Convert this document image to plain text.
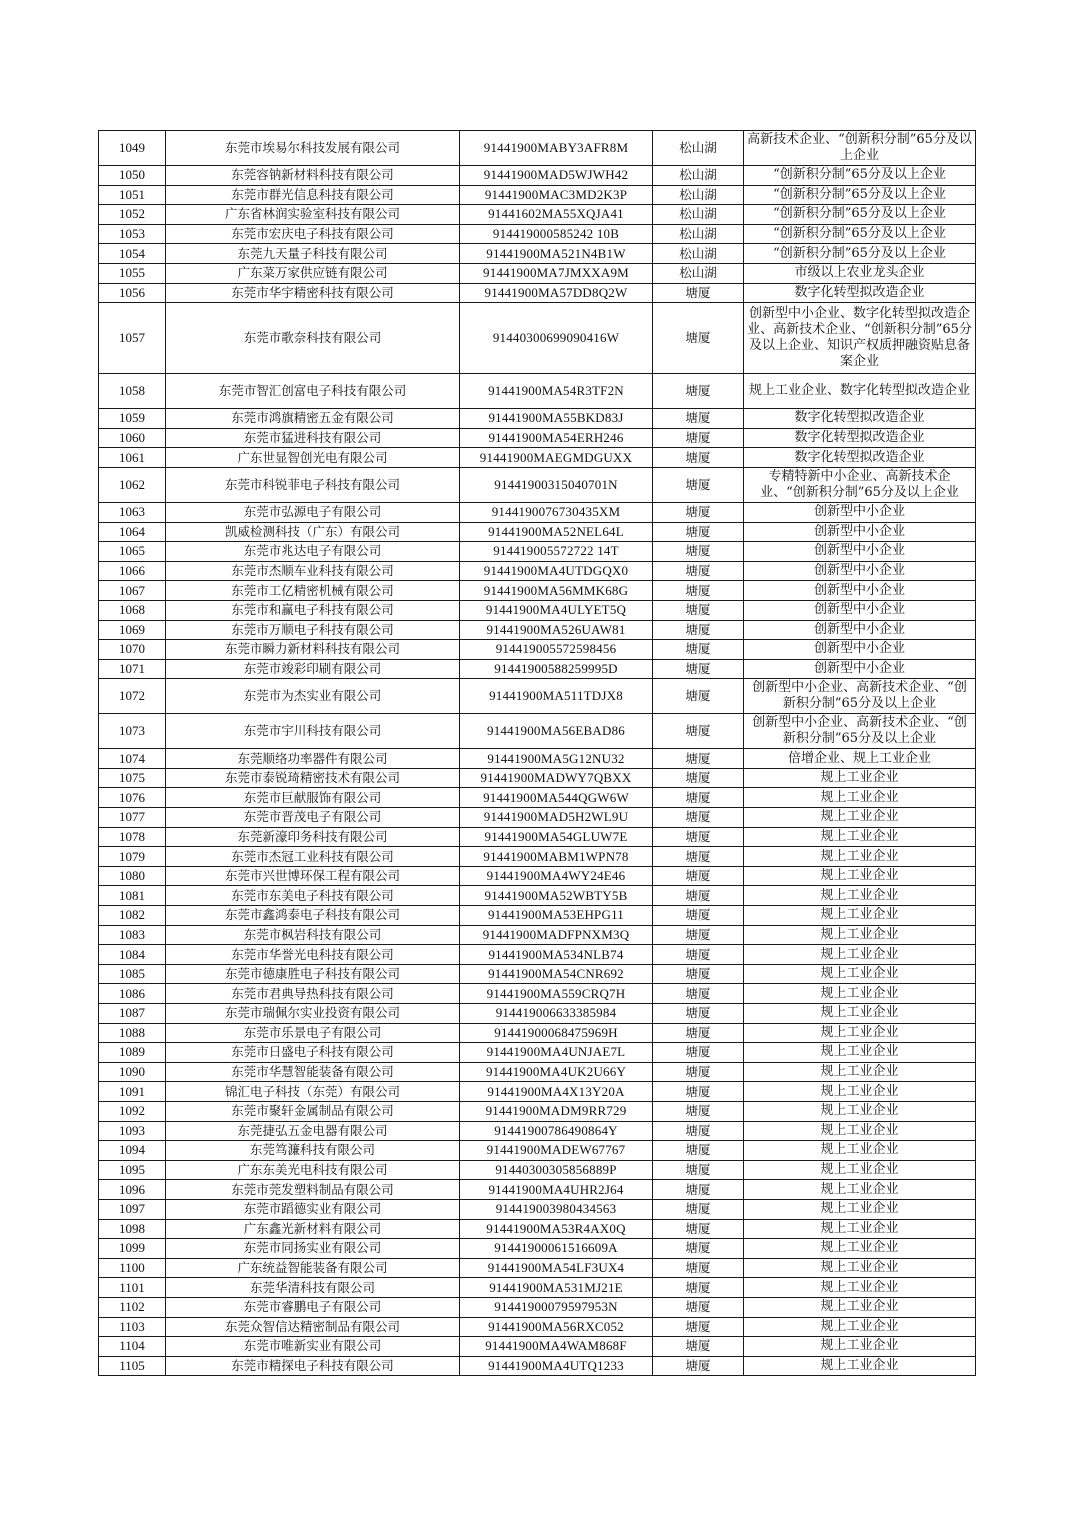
1049	东莞市埃易尔科技发展有限公司	91441900MABY3AFR8M	松山湖	高新技术企业、“创新积分制”65分及以上企业
1050	东莞容钠新材料科技有限公司	91441900MAD5WJWH42	松山湖	“创新积分制”65分及以上企业
1051	东莞市群光信息科技有限公司	91441900MAC3MD2K3P	松山湖	“创新积分制”65分及以上企业
1052	广东省林润实验室科技有限公司	91441602MA55XQJA41	松山湖	“创新积分制”65分及以上企业
1053	东莞市宏庆电子科技有限公司	914419000585242 10B	松山湖	“创新积分制”65分及以上企业
1054	东莞九天量子科技有限公司	91441900MA521N4B1W	松山湖	“创新积分制”65分及以上企业
1055	广东菜万家供应链有限公司	91441900MA7JMXXA9M	松山湖	市级以上农业龙头企业
1056	东莞市华宇精密科技有限公司	91441900MA57DD8Q2W	塘厦	数字化转型拟改造企业
1057	东莞市歌奈科技有限公司	91440300699090416W	塘厦	创新型中小企业、数字化转型拟改造企业、高新技术企业、“创新积分制”65分及以上企业、知识产权质押融资贴息备案企业
1058	东莞市智汇创富电子科技有限公司	91441900MA54R3TF2N	塘厦	规上工业企业、数字化转型拟改造企业
1059	东莞市鸿旗精密五金有限公司	91441900MA55BKD83J	塘厦	数字化转型拟改造企业
1060	东莞市猛进科技有限公司	91441900MA54ERH246	塘厦	数字化转型拟改造企业
1061	广东世显智创光电有限公司	91441900MAEGMDGUXX	塘厦	数字化转型拟改造企业
1062	东莞市科锐菲电子科技有限公司	91441900315040701N	塘厦	专精特新中小企业、高新技术企业、“创新积分制”65分及以上企业
1063	东莞市弘源电子有限公司	9144190076730435XM	塘厦	创新型中小企业
1064	凯威检测科技（广东）有限公司	91441900MA52NEL64L	塘厦	创新型中小企业
1065	东莞市兆达电子有限公司	914419005572722 14T	塘厦	创新型中小企业
1066	东莞市杰顺车业科技有限公司	91441900MA4UTDGQX0	塘厦	创新型中小企业
1067	东莞市工亿精密机械有限公司	91441900MA56MMK68G	塘厦	创新型中小企业
1068	东莞市和赢电子科技有限公司	91441900MA4ULYET5Q	塘厦	创新型中小企业
1069	东莞市万顺电子科技有限公司	91441900MA526UAW81	塘厦	创新型中小企业
1070	东莞市瞬力新材料科技有限公司	914419005572598456	塘厦	创新型中小企业
1071	东莞市竣彩印刷有限公司	91441900588259995D	塘厦	创新型中小企业
1072	东莞市为杰实业有限公司	91441900MA511TDJX8	塘厦	创新型中小企业、高新技术企业、“创新积分制”65分及以上企业
1073	东莞市宇川科技有限公司	91441900MA56EBAD86	塘厦	创新型中小企业、高新技术企业、“创新积分制”65分及以上企业
1074	东莞顺络功率器件有限公司	91441900MA5G12NU32	塘厦	倍增企业、规上工业企业
1075	东莞市泰锐琦精密技术有限公司	91441900MADWY7QBXX	塘厦	规上工业企业
1076	东莞市巨献服饰有限公司	91441900MA544QGW6W	塘厦	规上工业企业
1077	东莞市晋茂电子有限公司	91441900MAD5H2WL9U	塘厦	规上工业企业
1078	东莞新濠印务科技有限公司	91441900MA54GLUW7E	塘厦	规上工业企业
1079	东莞市杰冠工业科技有限公司	91441900MABM1WPN78	塘厦	规上工业企业
1080	东莞市兴世博环保工程有限公司	91441900MA4WY24E46	塘厦	规上工业企业
1081	东莞市东美电子科技有限公司	91441900MA52WBTY5B	塘厦	规上工业企业
1082	东莞市鑫鸿泰电子科技有限公司	91441900MA53EHPG11	塘厦	规上工业企业
1083	东莞市枫岩科技有限公司	91441900MADFPNXM3Q	塘厦	规上工业企业
1084	东莞市华誉光电科技有限公司	91441900MA534NLB74	塘厦	规上工业企业
1085	东莞市德康胜电子科技有限公司	91441900MA54CNR692	塘厦	规上工业企业
1086	东莞市君典导热科技有限公司	91441900MA559CRQ7H	塘厦	规上工业企业
1087	东莞市瑞佩尔实业投资有限公司	914419006633385984	塘厦	规上工业企业
1088	东莞市乐景电子有限公司	91441900068475969H	塘厦	规上工业企业
1089	东莞市日盛电子科技有限公司	91441900MA4UNJAE7L	塘厦	规上工业企业
1090	东莞市华慧智能装备有限公司	91441900MA4UK2U66Y	塘厦	规上工业企业
1091	锦汇电子科技（东莞）有限公司	91441900MA4X13Y20A	塘厦	规上工业企业
1092	东莞市聚轩金属制品有限公司	91441900MADM9RR729	塘厦	规上工业企业
1093	东莞捷弘五金电器有限公司	91441900786490864Y	塘厦	规上工业企业
1094	东莞笃濂科技有限公司	91441900MADEW67767	塘厦	规上工业企业
1095	广东东美光电科技有限公司	91440300305856889P	塘厦	规上工业企业
1096	东莞市莞发塑料制品有限公司	91441900MA4UHR2J64	塘厦	规上工业企业
1097	东莞市蹈德实业有限公司	914419003980434563	塘厦	规上工业企业
1098	广东鑫光新材料有限公司	91441900MA53R4AX0Q	塘厦	规上工业企业
1099	东莞市同扬实业有限公司	91441900061516609A	塘厦	规上工业企业
1100	广东统益智能装备有限公司	91441900MA54LF3UX4	塘厦	规上工业企业
1101	东莞华清科技有限公司	91441900MA531MJ21E	塘厦	规上工业企业
1102	东莞市睿鹏电子有限公司	91441900079597953N	塘厦	规上工业企业
1103	东莞众智信达精密制品有限公司	91441900MA56RXC052	塘厦	规上工业企业
1104	东莞市唯新实业有限公司	91441900MA4WAM868F	塘厦	规上工业企业
1105	东莞市精探电子科技有限公司	91441900MA4UTQ1233	塘厦	规上工业企业
